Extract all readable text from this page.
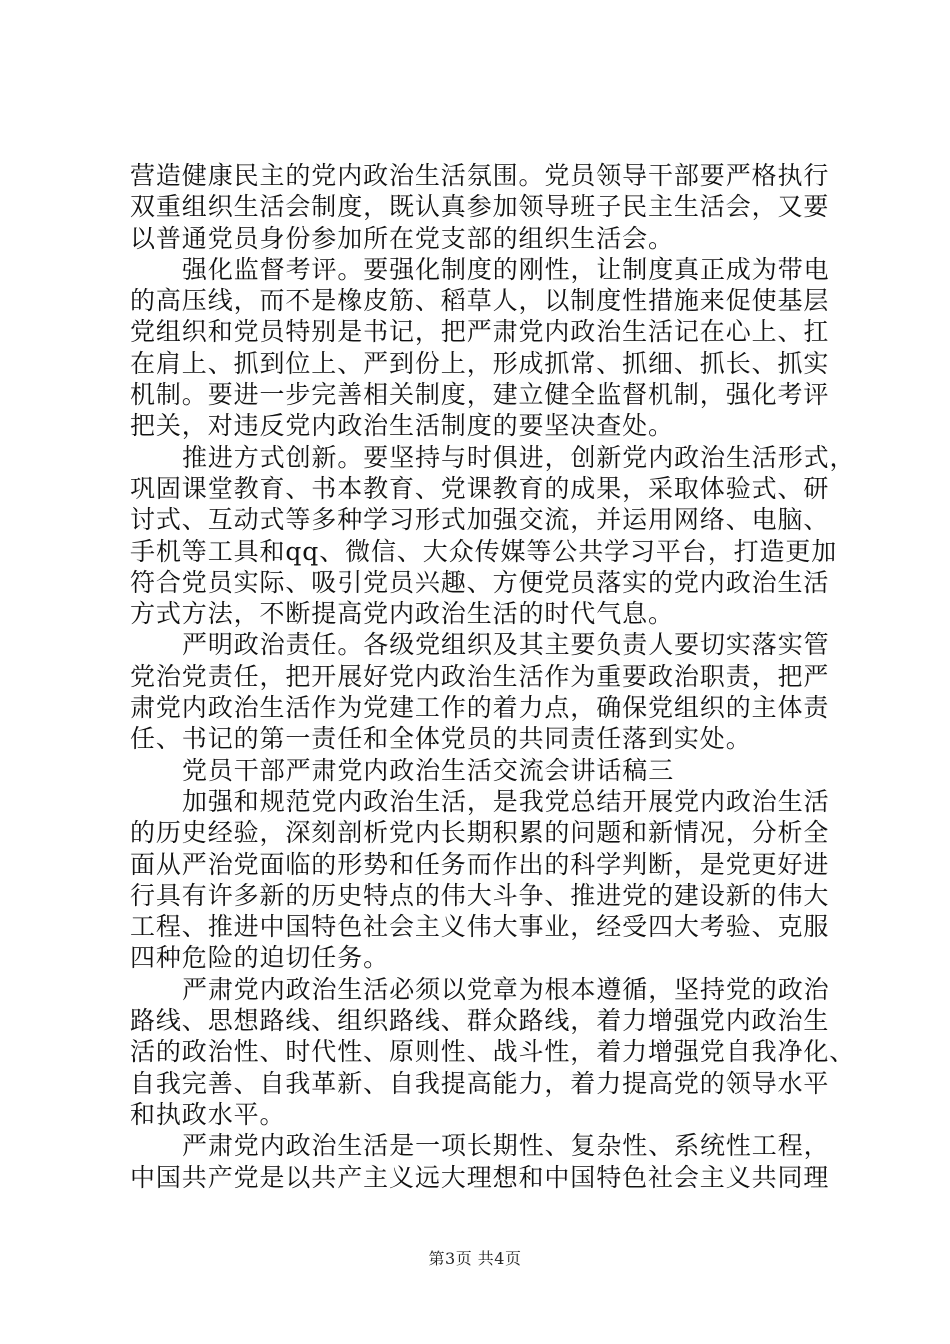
营造健康民主的党内政治生活氛围。党员领导干部要严格执行
双重组织生活会制度，既认真参加领导班子民主生活会，又要
以普通党员身份参加所在党支部的组织生活会。
强化监督考评。要强化制度的刚性，让制度真正成为带电
的高压线，而不是橡皮筋、稻草人，以制度性措施来促使基层
党组织和党员特别是书记，把严肃党内政治生活记在心上、扛
在肩上、抓到位上、严到份上，形成抓常、抓细、抓长、抓实
机制。要进一步完善相关制度，建立健全监督机制，强化考评
把关，对违反党内政治生活制度的要坚决查处。
推进方式创新。要坚持与时俱进，创新党内政治生活形式，
巩固课堂教育、书本教育、党课教育的成果，采取体验式、研
讨式、互动式等多种学习形式加强交流，并运用网络、电脑、
手机等工具和qq、微信、大众传媒等公共学习平台，打造更加
符合党员实际、吸引党员兴趣、方便党员落实的党内政治生活
方式方法，不断提高党内政治生活的时代气息。
严明政治责任。各级党组织及其主要负责人要切实落实管
党治党责任，把开展好党内政治生活作为重要政治职责，把严
肃党内政治生活作为党建工作的着力点，确保党组织的主体责
任、书记的第一责任和全体党员的共同责任落到实处。
党员干部严肃党内政治生活交流会讲话稿三
加强和规范党内政治生活，是我党总结开展党内政治生活
的历史经验，深刻剖析党内长期积累的问题和新情况，分析全
面从严治党面临的形势和任务而作出的科学判断，是党更好进
行具有许多新的历史特点的伟大斗争、推进党的建设新的伟大
工程、推进中国特色社会主义伟大事业，经受四大考验、克服
四种危险的迫切任务。
严肃党内政治生活必须以党章为根本遵循，坚持党的政治
路线、思想路线、组织路线、群众路线，着力增强党内政治生
活的政治性、时代性、原则性、战斗性，着力增强党自我净化、
自我完善、自我革新、自我提高能力，着力提高党的领导水平
和执政水平。
严肃党内政治生活是一项长期性、复杂性、系统性工程，
中国共产党是以共产主义远大理想和中国特色社会主义共同理
第3页 共4页
